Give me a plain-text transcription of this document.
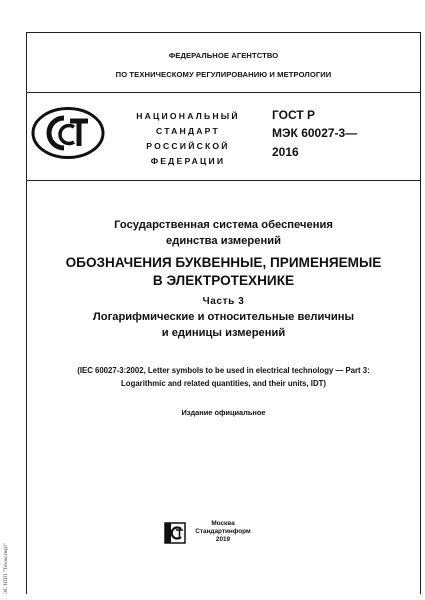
ФЕДЕРАЛЬНОЕ АГЕНТСТВО
ПО ТЕХНИЧЕСКОМУ РЕГУЛИРОВАНИЮ И МЕТРОЛОГИИ
НАЦИОНАЛЬНЫЙ
СТАНДАРТ
РОССИЙСКОЙ
ФЕДЕРАЦИИ
ГОСТ Р
МЭК 60027-3—
2016
Государственная система обеспечения
единства измерений
ОБОЗНАЧЕНИЯ БУКВЕННЫЕ, ПРИМЕНЯЕМЫЕ
В ЭЛЕКТРОТЕХНИКЕ
Часть 3
Логарифмические и относительные величины
и единицы измерений
(IEC 60027-3:2002, Letter symbols to be used in electrical technology — Part 3:
Logarithmic and related quantities, and their units, IDT)
Издание официальное
Москва
Стандартинформ
2019
ЭС НПП "Техэксперт"
